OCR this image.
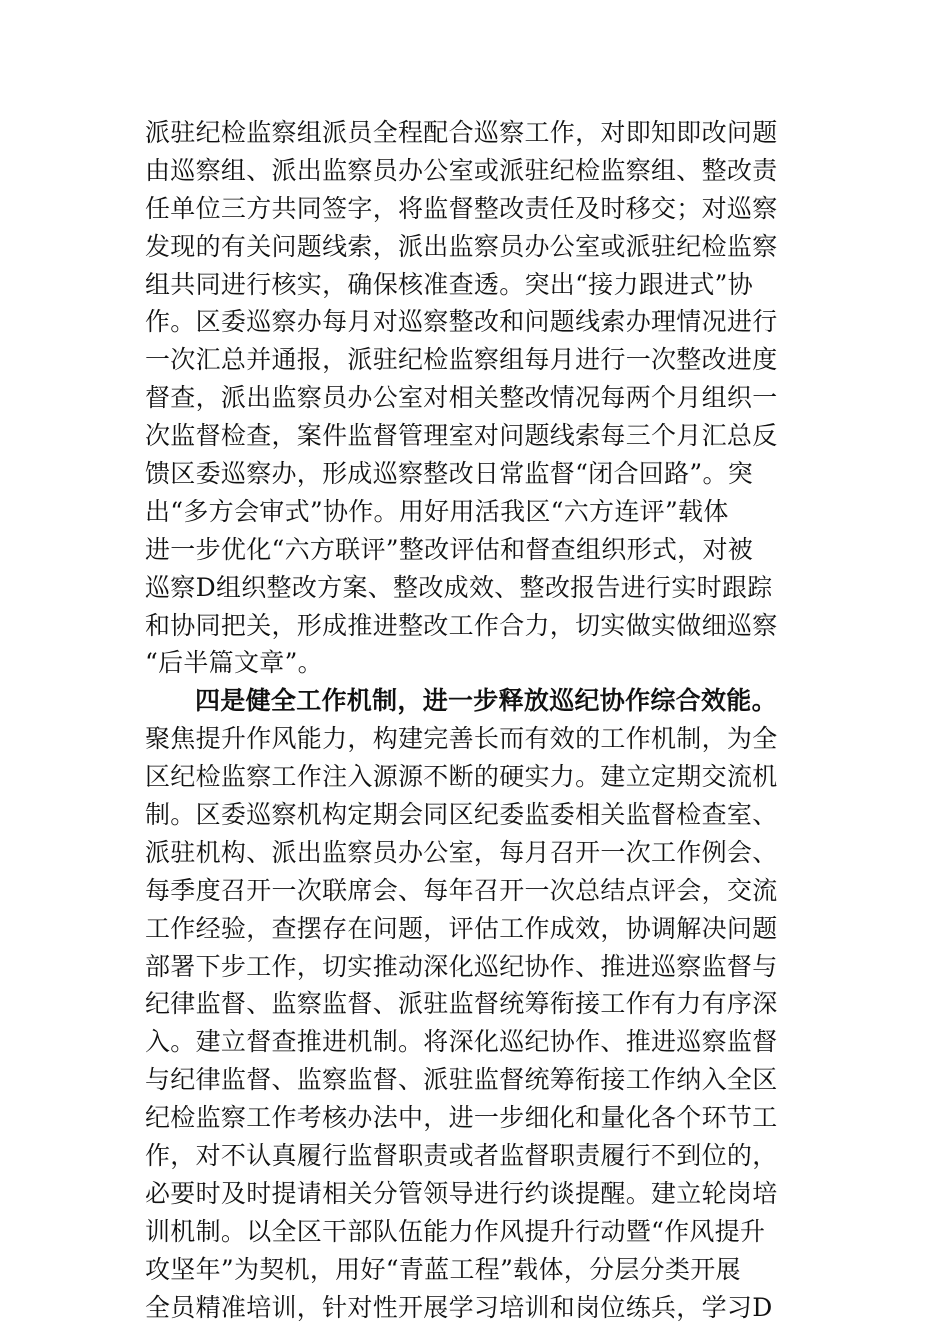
派驻纪检监察组派员全程配合巡察工作，对即知即改问题
由巡察组、派出监察员办公室或派驻纪检监察组、整改责
任单位三方共同签字，将监督整改责任及时移交；对巡察
发现的有关问题线索，派出监察员办公室或派驻纪检监察
组共同进行核实，确保核准查透。突出“接力跟进式”协
作。区委巡察办每月对巡察整改和问题线索办理情况进行
一次汇总并通报，派驻纪检监察组每月进行一次整改进度
督查，派出监察员办公室对相关整改情况每两个月组织一
次监督检查，案件监督管理室对问题线索每三个月汇总反
馈区委巡察办，形成巡察整改日常监督“闭合回路”。突
出“多方会审式”协作。用好用活我区“六方连评”载体
进一步优化“六方联评”整改评估和督查组织形式，对被
巡察D组织整改方案、整改成效、整改报告进行实时跟踪
和协同把关，形成推进整改工作合力，切实做实做细巡察
“后半篇文章”。
四是健全工作机制，进一步释放巡纪协作综合效能。
聚焦提升作风能力，构建完善长而有效的工作机制，为全
区纪检监察工作注入源源不断的硬实力。建立定期交流机
制。区委巡察机构定期会同区纪委监委相关监督检查室、
派驻机构、派出监察员办公室，每月召开一次工作例会、
每季度召开一次联席会、每年召开一次总结点评会，交流
工作经验，查摆存在问题，评估工作成效，协调解决问题
部署下步工作，切实推动深化巡纪协作、推进巡察监督与
纪律监督、监察监督、派驻监督统筹衔接工作有力有序深
入。建立督查推进机制。将深化巡纪协作、推进巡察监督
与纪律监督、监察监督、派驻监督统筹衔接工作纳入全区
纪检监察工作考核办法中，进一步细化和量化各个环节工
作，对不认真履行监督职责或者监督职责履行不到位的，
必要时及时提请相关分管领导进行约谈提醒。建立轮岗培
训机制。以全区干部队伍能力作风提升行动暨“作风提升
攻坚年”为契机，用好“青蓝工程”载体，分层分类开展
全员精准培训，针对性开展学习培训和岗位练兵，学习D
